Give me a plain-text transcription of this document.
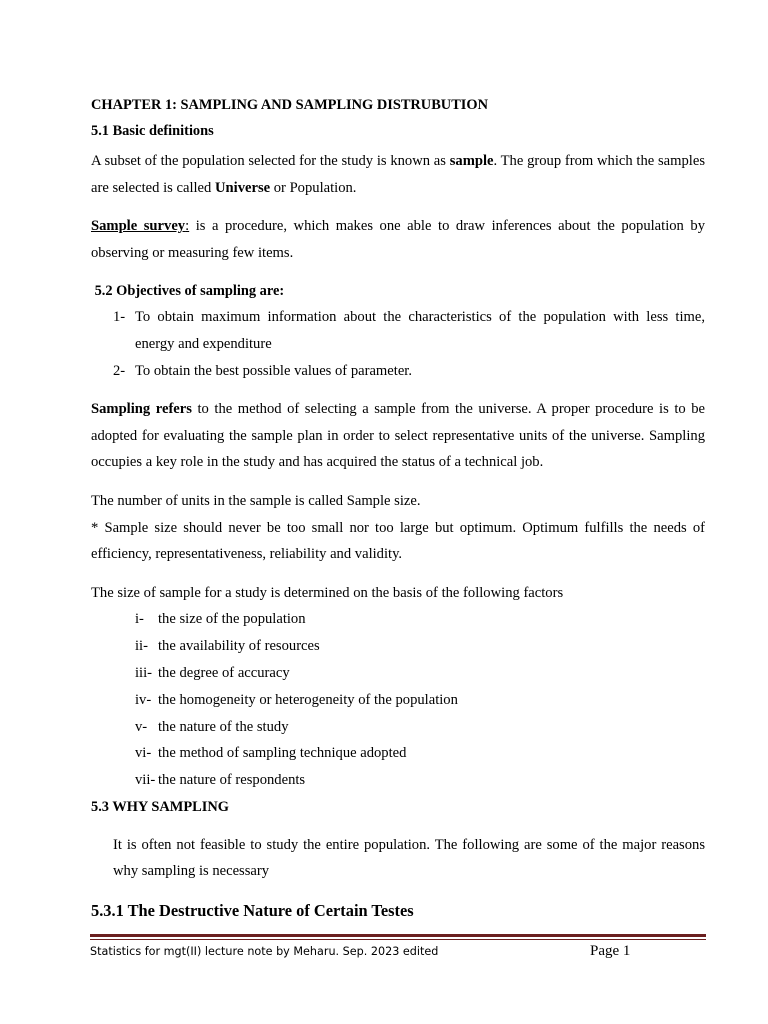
CHAPTER 1: SAMPLING AND SAMPLING DISTRUBUTION
5.1 Basic definitions
A subset of the population selected for the study is known as sample. The group from which the samples are selected is called Universe or Population.
Sample survey: is a procedure, which makes one able to draw inferences about the population by observing or measuring few items.
5.2 Objectives of sampling are:
1- To obtain maximum information about the characteristics of the population with less time, energy and expenditure
2- To obtain the best possible values of parameter.
Sampling refers to the method of selecting a sample from the universe. A proper procedure is to be adopted for evaluating the sample plan in order to select representative units of the universe. Sampling occupies a key role in the study and has acquired the status of a technical job.
The number of units in the sample is called Sample size.
* Sample size should never be too small nor too large but optimum. Optimum fulfills the needs of efficiency, representativeness, reliability and validity.
The size of sample for a study is determined on the basis of the following factors
i- the size of the population
ii- the availability of resources
iii- the degree of accuracy
iv- the homogeneity or heterogeneity of the population
v- the nature of the study
vi- the method of sampling technique adopted
vii- the nature of respondents
5.3 WHY SAMPLING
It is often not feasible to study the entire population. The following are some of the major reasons why sampling is necessary
5.3.1 The Destructive Nature of Certain Testes
Statistics for mgt(II) lecture note by Meharu. Sep. 2023 edited	Page 1
